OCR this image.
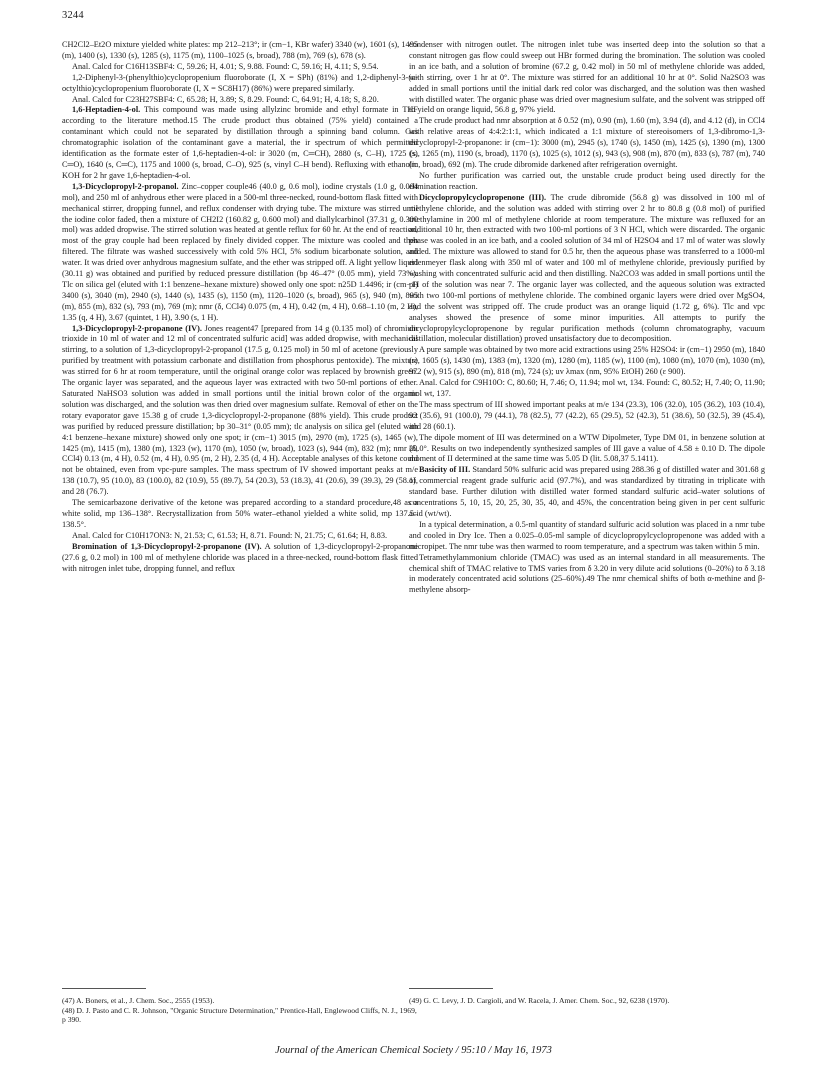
3244

CH2Cl2–Et2O mixture yielded white plates: mp 212–213°; ir (cm−1, KBr wafer) 3340 (w), 1601 (s), 1495 (m), 1400 (s), 1330 (s), 1285 (s), 1175 (m), 1100–1025 (s, broad), 788 (m), 769 (s), 678 (s).

Anal. Calcd for C16H13SBF4: C, 59.26; H, 4.01; S, 9.88. Found: C, 59.16; H, 4.11; S, 9.54.

1,2-Diphenyl-3-(phenylthio)cyclopropenium fluoroborate (I, X = SPh) (81%) and 1,2-diphenyl-3-(n-octylthio)cyclopropenium fluoroborate (I, X = SC8H17) (86%) were prepared similarly.

Anal. Calcd for C23H27SBF4: C, 65.28; H, 3.89; S, 8.29. Found: C, 64.91; H, 4.18; S, 8.20.

1,6-Heptadien-4-ol. This compound was made using allylzinc bromide and ethyl formate in THF according to the literature method.15 The crude product thus obtained (75% yield) contained a contaminant which could not be separated by distillation through a spinning band column. Gas chromatographic isolation of the contaminant gave a material, the ir spectrum of which permitted identification as the formate ester of 1,6-heptadien-4-ol: ir 3020 (m, C═CH), 2880 (s, C–H), 1725 (s, C═O), 1640 (s, C═C), 1175 and 1000 (s, broad, C–O), 925 (s, vinyl C–H bend). Refluxing with ethanolic KOH for 2 hr gave 1,6-heptadien-4-ol.

1,3-Dicyclopropyl-2-propanol. Zinc–copper couple46 (40.0 g, 0.6 mol), iodine crystals (1.0 g, 0.004 mol), and 250 ml of anhydrous ether were placed in a 500-ml three-necked, round-bottom flask fitted with mechanical stirrer, dropping funnel, and reflux condenser with drying tube. The mixture was stirred until the iodine color faded, then a mixture of CH2I2 (160.82 g, 0.600 mol) and diallylcarbinol (37.31 g, 0.300 mol) was added dropwise. The stirred solution was heated at gentle reflux for 60 hr. At the end of reaction, most of the gray couple had been replaced by finely divided copper. The mixture was cooled and then filtered. The filtrate was washed successively with cold 5% HCl, 5% sodium bicarbonate solution, and water. It was dried over anhydrous magnesium sulfate, and the ether was stripped off. A light yellow liquid (30.11 g) was obtained and purified by reduced pressure distillation (bp 46–47° (0.05 mm), yield 73%). Tlc on silica gel (eluted with 1:1 benzene–hexane mixture) showed only one spot: n25D 1.4496; ir (cm−1) 3400 (s), 3040 (m), 2940 (s), 1440 (s), 1435 (s), 1150 (m), 1120–1020 (s, broad), 965 (s), 940 (m), 895 (m), 855 (m), 832 (s), 793 (m), 769 (m); nmr (δ, CCl4) 0.075 (m, 4 H), 0.42 (m, 4 H), 0.68–1.10 (m, 2 H), 1.35 (q, 4 H), 3.67 (quintet, 1 H), 3.90 (s, 1 H).

1,3-Dicyclopropyl-2-propanone (IV). Jones reagent47 [prepared from 14 g (0.135 mol) of chromium trioxide in 10 ml of water and 12 ml of concentrated sulfuric acid] was added dropwise, with mechanical stirring, to a solution of 1,3-dicyclopropyl-2-propanol (17.5 g, 0.125 mol) in 50 ml of acetone (previously purified by treatment with potassium carbonate and distillation from phosphorus pentoxide). The mixture was stirred for 6 hr at room temperature, until the original orange color was replaced by brownish green. The organic layer was separated, and the aqueous layer was extracted with two 50-ml portions of ether. Saturated NaHSO3 solution was added in small portions until the initial brown color of the organic solution was discharged, and the solution was then dried over magnesium sulfate. Removal of ether on the rotary evaporator gave 15.38 g of crude 1,3-dicyclopropyl-2-propanone (88% yield). This crude product was purified by reduced pressure distillation; bp 30–31° (0.05 mm); tlc analysis on silica gel (eluted with 4:1 benzene–hexane mixture) showed only one spot; ir (cm−1) 3015 (m), 2970 (m), 1725 (s), 1465 (w), 1425 (m), 1415 (m), 1380 (m), 1323 (w), 1170 (m), 1050 (w, broad), 1023 (s), 944 (m), 832 (m); nmr (δ, CCl4) 0.13 (m, 4 H), 0.52 (m, 4 H), 0.95 (m, 2 H), 2.35 (d, 4 H). Acceptable analyses of this ketone could not be obtained, even from vpc-pure samples. The mass spectrum of IV showed important peaks at m/e 138 (10.7), 95 (10.0), 83 (100.0), 82 (10.9), 55 (89.7), 54 (20.3), 53 (18.3), 41 (20.6), 39 (39.3), 29 (58.1), and 28 (76.7).

The semicarbazone derivative of the ketone was prepared according to a standard procedure,48 as a white solid, mp 136–138°. Recrystallization from 50% water–ethanol yielded a white solid, mp 137.5–138.5°.

Anal. Calcd for C10H17ON3: N, 21.53; C, 61.53; H, 8.71. Found: N, 21.75; C, 61.64; H, 8.83.

Bromination of 1,3-Dicyclopropyl-2-propanone (IV). A solution of 1,3-dicyclopropyl-2-propanone (27.6 g, 0.2 mol) in 100 ml of methylene chloride was placed in a three-necked, round-bottom flask fitted with nitrogen inlet tube, dropping funnel, and reflux

condenser with nitrogen outlet. The nitrogen inlet tube was inserted deep into the solution so that a constant nitrogen gas flow could sweep out HBr formed during the bromination. The solution was cooled in an ice bath, and a solution of bromine (67.2 g, 0.42 mol) in 50 ml of methylene chloride was added, with stirring, over 1 hr at 0°. The mixture was stirred for an additional 10 hr at 0°. Solid Na2SO3 was added in small portions until the initial dark red color was discharged, and the solution was then washed with distilled water. The organic phase was dried over magnesium sulfate, and the solvent was stripped off to yield on orange liquid, 56.8 g, 97% yield.

The crude product had nmr absorption at δ 0.52 (m), 0.90 (m), 1.60 (m), 3.94 (d), and 4.12 (d), in CCl4 with relative areas of 4:4:2:1:1, which indicated a 1:1 mixture of stereoisomers of 1,3-dibromo-1,3-dicyclopropyl-2-propanone: ir (cm−1): 3000 (m), 2945 (s), 1740 (s), 1450 (m), 1425 (s), 1390 (m), 1300 (s), 1265 (m), 1190 (s, broad), 1170 (s), 1025 (s), 1012 (s), 943 (s), 908 (m), 870 (m), 833 (s), 787 (m), 740 (m, broad), 692 (m). The crude dibromide darkened after refrigeration overnight.

No further purification was carried out, the unstable crude product being used directly for the elimination reaction.

Dicyclopropylcyclopropenone (III). The crude dibromide (56.8 g) was dissolved in 100 ml of methylene chloride, and the solution was added with stirring over 2 hr to 80.8 g (0.8 mol) of purified triethylamine in 200 ml of methylene chloride at room temperature. The mixture was refluxed for an additional 10 hr, then extracted with two 100-ml portions of 3 N HCl, which were discarded. The organic phase was cooled in an ice bath, and a cooled solution of 34 ml of H2SO4 and 17 ml of water was slowly added. The mixture was allowed to stand for 0.5 hr, then the aqueous phase was transferred to a 1000-ml erlenmeyer flask along with 350 ml of water and 100 ml of methylene chloride, previously purified by washing with concentrated sulfuric acid and then distilling. Na2CO3 was added in small portions until the pH of the solution was near 7. The organic layer was collected, and the aqueous solution was extracted with two 100-ml portions of methylene chloride. The combined organic layers were dried over MgSO4, and the solvent was stripped off. The crude product was an orange liquid (1.72 g, 6%). Tlc and vpc analyses showed the presence of some minor impurities. All attempts to purify the dicyclopropylcyclopropenone by regular purification methods (column chromatography, vacuum distillation, molecular distillation) proved unsatisfactory due to decomposition.

A pure sample was obtained by two more acid extractions using 25% H2SO4: ir (cm−1) 2950 (m), 1840 (s), 1605 (s), 1430 (m), 1383 (m), 1320 (m), 1280 (m), 1185 (w), 1100 (m), 1080 (m), 1070 (m), 1030 (m), 972 (w), 915 (s), 890 (m), 818 (m), 724 (s); uv λmax (nm, 95% EtOH) 260 (ε 900).

Anal. Calcd for C9H10O: C, 80.60; H, 7.46; O, 11.94; mol wt, 134. Found: C, 80.52; H, 7.40; O, 11.90; mol wt, 137.

The mass spectrum of III showed important peaks at m/e 134 (23.3), 106 (32.0), 105 (36.2), 103 (10.4), 92 (35.6), 91 (100.0), 79 (44.1), 78 (82.5), 77 (42.2), 65 (29.5), 52 (42.3), 51 (38.6), 50 (32.5), 39 (45.4), and 28 (60.1).

The dipole moment of III was determined on a WTW Dipolmeter, Type DM 01, in benzene solution at 20.0°. Results on two independently synthesized samples of III gave a value of 4.58 ± 0.10 D. The dipole moment of II determined at the same time was 5.05 D (lit. 5.08,37 5.1411).

Basicity of III. Standard 50% sulfuric acid was prepared using 288.36 g of distilled water and 301.68 g of commercial reagent grade sulfuric acid (97.7%), and was standardized by titrating in triplicate with standard base. Further dilution with distilled water formed standard sulfuric acid–water solutions of concentrations 5, 10, 15, 20, 25, 30, 35, 40, and 45%, the concentration being given in per cent sulfuric acid (wt/wt).

In a typical determination, a 0.5-ml quantity of standard sulfuric acid solution was placed in a nmr tube and cooled in Dry Ice. Then a 0.025–0.05-ml sample of dicyclopropylcyclopropenone was added with a micropipet. The nmr tube was then warmed to room temperature, and a spectrum was taken within 5 min.

Tetramethylammonium chloride (TMAC) was used as an internal standard in all measurements. The chemical shift of TMAC relative to TMS varies from δ 3.20 in very dilute acid solutions (0–20%) to δ 3.18 in moderately concentrated acid solutions (25–60%).49 The nmr chemical shifts of both α-methine and β-methylene absorp-

(47) A. Boners, et al., J. Chem. Soc., 2555 (1953).
(48) D. J. Pasto and C. R. Johnson, "Organic Structure Determination," Prentice-Hall, Englewood Cliffs, N. J., 1969, p 390.
(49) G. C. Levy, J. D. Cargioli, and W. Racela, J. Amer. Chem. Soc., 92, 6238 (1970).
Journal of the American Chemical Society / 95:10 / May 16, 1973
